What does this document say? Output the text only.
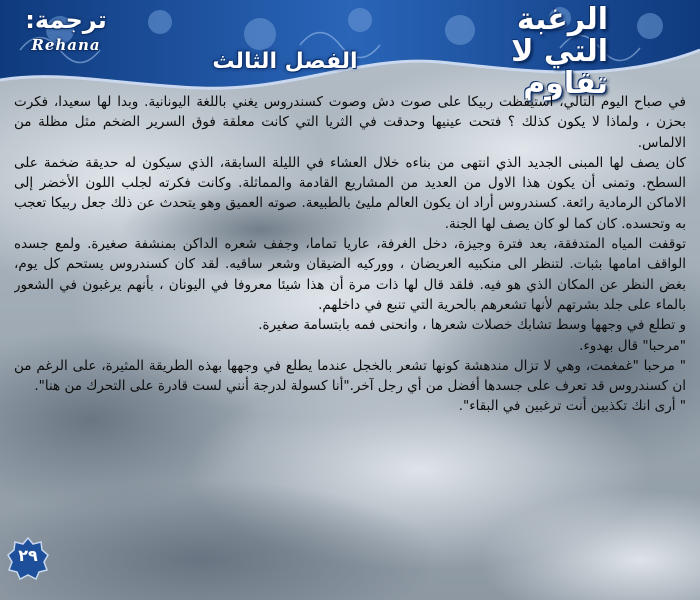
الرغبة
التي لا تقاوم
ترجمة:
Rehana
الفصل الثالث

في صباح اليوم التالي، استيقظت ربيكا على صوت دش وصوت كسندروس يغني باللغة اليونانية. وبدا لها سعيدا، فكرت بحزن ، ولماذا لا يكون كذلك ؟ فتحت عينيها وحدقت في الثريا التي كانت معلقة فوق السرير الضخم مثل مظلة من الالماس.

كان يصف لها المبنى الجديد الذي انتهى من بناءه خلال العشاء في الليلة السابقة، الذي سيكون له حديقة ضخمة على السطح. وتمنى أن يكون هذا الاول من العديد من المشاريع القادمة والمماثلة. وكانت فكرته لجلب اللون الأخضر إلى الاماكن الرمادية رائعة. كسندروس أراد ان يكون العالم مليئ بالطبيعة. صوته العميق وهو يتحدث عن ذلك جعل ربيكا تعجب به وتحسده. كان كما لو كان يصف لها الجنة.

توقفت المياه المتدفقة، بعد فترة وجيزة، دخل الغرفة، عاريا تماما، وجفف شعره الداكن بمنشفة صغيرة. ولمع جسده الواقف امامها بثبات. لتنظر الى منكبيه العريضان ، ووركيه الضيقان وشعر ساقيه. لقد كان كسندروس يستحم كل يوم، بغض النظر عن المكان الذي هو فيه. فلقد قال لها ذات مرة أن هذا شيئا معروفا في اليونان ، بأنهم يرغبون في الشعور بالماء على جلد بشرتهم لأنها تشعرهم بالحرية التي تنبع في داخلهم.

و تطلع في وجهها وسط تشابك خصلات شعرها ، وانحنى فمه بابتسامة صغيرة.

"مرحبا" قال بهدوء.

" مرحبا "غمغمت، وهي لا تزال مندهشة كونها تشعر بالخجل عندما يطلع في وجهها بهذه الطريقة المثيرة، على الرغم من ان كسندروس قد تعرف على جسدها أفضل من أي رجل آخر."أنا كسولة لدرجة أنني لست قادرة على التحرك من هنا".

" أرى انك تكذبين أنت ترغبين في البقاء".

٢٩
